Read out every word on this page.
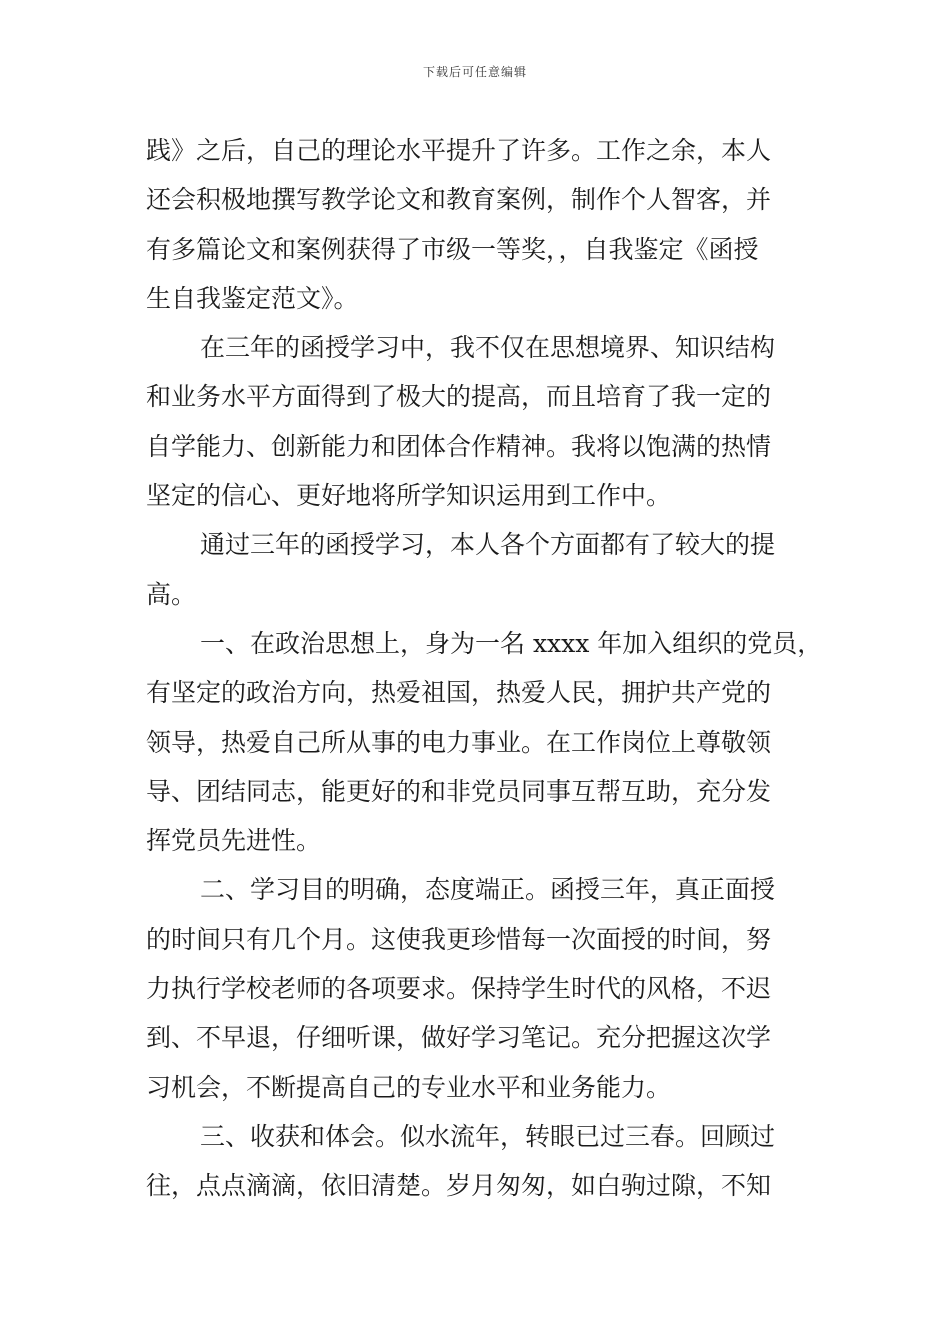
下载后可任意编辑
践》之后，自己的理论水平提升了许多。工作之余，本人
还会积极地撰写教学论文和教育案例，制作个人智客，并
有多篇论文和案例获得了市级一等奖，，自我鉴定《函授
生自我鉴定范文》。
在三年的函授学习中，我不仅在思想境界、知识结构
和业务水平方面得到了极大的提高，而且培育了我一定的
自学能力、创新能力和团体合作精神。我将以饱满的热情
坚定的信心、更好地将所学知识运用到工作中。
通过三年的函授学习，本人各个方面都有了较大的提
高。
一、在政治思想上，身为一名 xxxx 年加入组织的党员，
有坚定的政治方向，热爱祖国，热爱人民，拥护共产党的
领导，热爱自己所从事的电力事业。在工作岗位上尊敬领
导、团结同志，能更好的和非党员同事互帮互助，充分发
挥党员先进性。
二、学习目的明确，态度端正。函授三年，真正面授
的时间只有几个月。这使我更珍惜每一次面授的时间，努
力执行学校老师的各项要求。保持学生时代的风格，不迟
到、不早退，仔细听课，做好学习笔记。充分把握这次学
习机会，不断提高自己的专业水平和业务能力。
三、收获和体会。似水流年，转眼已过三春。回顾过
往，点点滴滴，依旧清楚。岁月匆匆，如白驹过隙，不知
